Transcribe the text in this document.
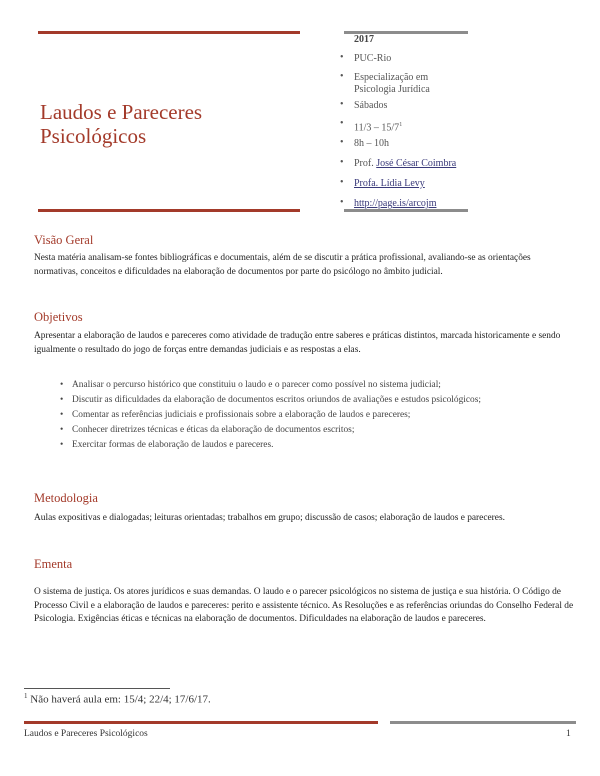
Laudos e Pareceres
Psicológicos
2017
• PUC-Rio
• Especialização em Psicologia Jurídica
• Sábados
• $11/3 - 15/7^1$
• 8h – 10h
• Prof. José César Coimbra
• Profa. Lídia Levy
• http://page.is/arcojm
Visão Geral
Nesta matéria analisam-se fontes bibliográficas e documentais, além de se discutir a prática profissional, avaliando-se as orientações normativas, conceitos e dificuldades na elaboração de documentos por parte do psicólogo no âmbito judicial.
Objetivos
Apresentar a elaboração de laudos e pareceres como atividade de tradução entre saberes e práticas distintos, marcada historicamente e sendo igualmente o resultado do jogo de forças entre demandas judiciais e as respostas a elas.
• Analisar o percurso histórico que constituiu o laudo e o parecer como possível no sistema judicial;
• Discutir as dificuldades da elaboração de documentos escritos oriundos de avaliações e estudos psicológicos;
• Comentar as referências judiciais e profissionais sobre a elaboração de laudos e pareceres;
• Conhecer diretrizes técnicas e éticas da elaboração de documentos escritos;
• Exercitar formas de elaboração de laudos e pareceres.
Metodologia
Aulas expositivas e dialogadas; leituras orientadas; trabalhos em grupo; discussão de casos; elaboração de laudos e pareceres.
Ementa
O sistema de justiça. Os atores jurídicos e suas demandas. O laudo e o parecer psicológicos no sistema de justiça e sua história. O Código de Processo Civil e a elaboração de laudos e pareceres: perito e assistente técnico. As Resoluções e as referências oriundas do Conselho Federal de Psicologia. Exigências éticas e técnicas na elaboração de documentos. Dificuldades na elaboração de laudos e pareceres.
$^1$ Não haverá aula em: 15/4; 22/4; 17/6/17.
Laudos e Pareceres Psicológicos	1
